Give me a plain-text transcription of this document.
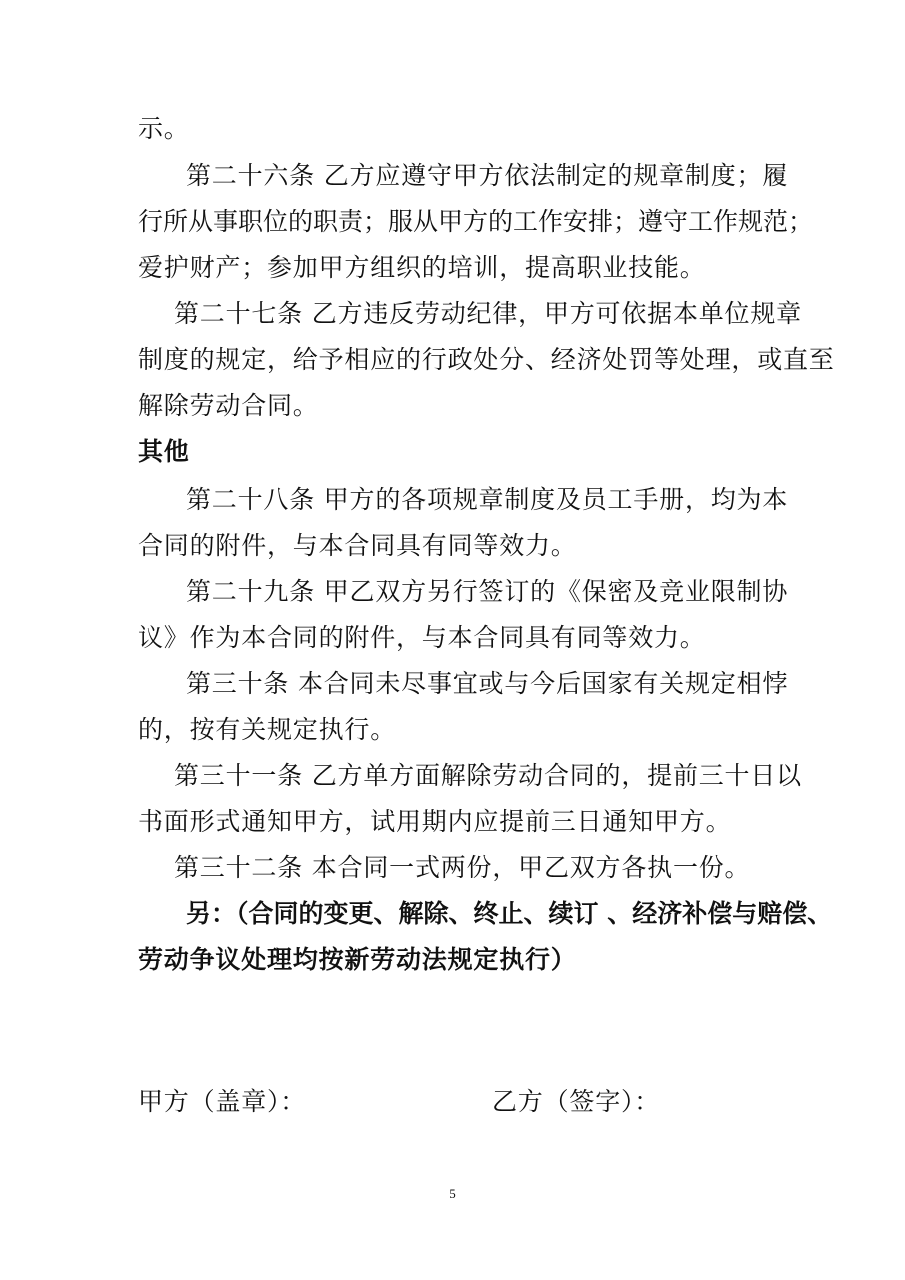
示。
第二十六条 乙方应遵守甲方依法制定的规章制度；履
行所从事职位的职责；服从甲方的工作安排；遵守工作规范；
爱护财产；参加甲方组织的培训，提高职业技能。
第二十七条 乙方违反劳动纪律，甲方可依据本单位规章
制度的规定，给予相应的行政处分、经济处罚等处理，或直至
解除劳动合同。
其他
第二十八条 甲方的各项规章制度及员工手册，均为本
合同的附件，与本合同具有同等效力。
第二十九条 甲乙双方另行签订的《保密及竞业限制协
议》作为本合同的附件，与本合同具有同等效力。
第三十条 本合同未尽事宜或与今后国家有关规定相悖
的，按有关规定执行。
第三十一条 乙方单方面解除劳动合同的，提前三十日以
书面形式通知甲方，试用期内应提前三日通知甲方。
第三十二条 本合同一式两份，甲乙双方各执一份。
另：（合同的变更、解除、终止、续订 、经济补偿与赔偿、
劳动争议处理均按新劳动法规定执行）
甲方（盖章）：	乙方（签字）：
5
